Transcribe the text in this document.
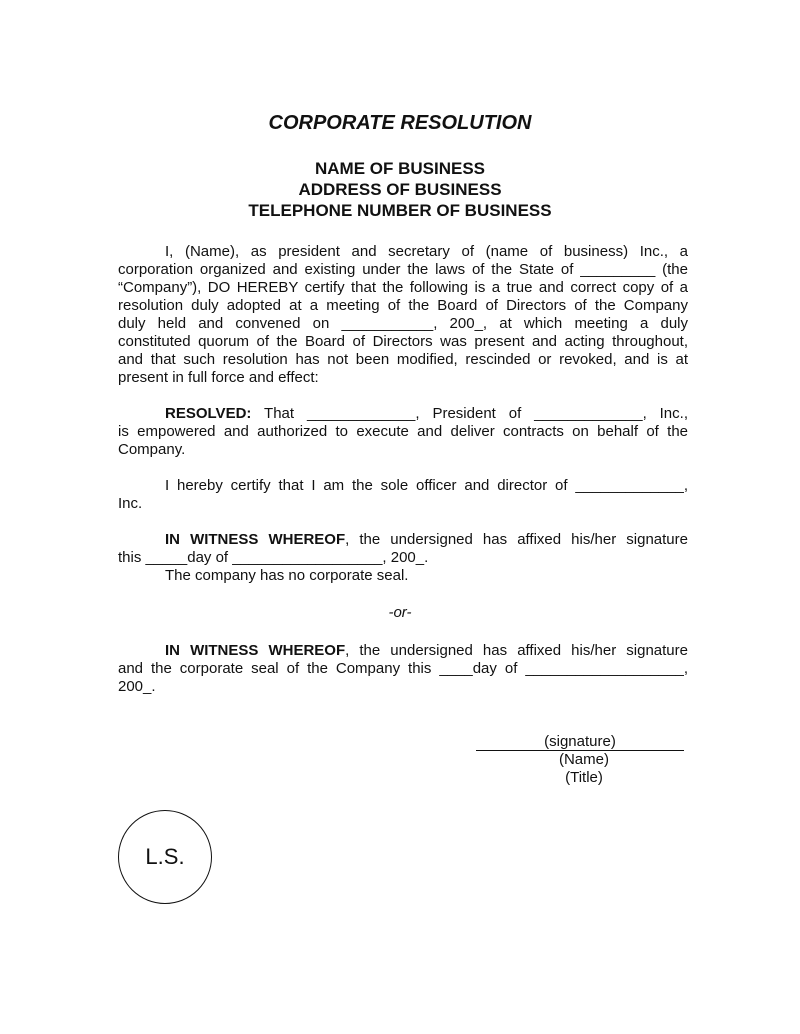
CORPORATE RESOLUTION
NAME OF BUSINESS
ADDRESS OF BUSINESS
TELEPHONE NUMBER OF BUSINESS
I, (Name), as president and secretary of (name of business) Inc., a
corporation organized and existing under the laws of the State of _________ (the
“Company”), DO HEREBY certify that the following is a true and correct copy of a
resolution duly adopted at a meeting of the Board of Directors of the Company
duly held and convened on ___________, 200_, at which meeting a duly
constituted quorum of the Board of Directors was present and acting throughout,
and that such resolution has not been modified, rescinded or revoked, and is at
present in full force and effect:
RESOLVED: That _____________, President of _____________, Inc.,
is empowered and authorized to execute and deliver contracts on behalf of the
Company.
I hereby certify that I am the sole officer and director of _____________,
Inc.
IN WITNESS WHEREOF, the undersigned has affixed his/her signature
this _____day of __________________, 200_.
The company has no corporate seal.
-or-
IN WITNESS WHEREOF, the undersigned has affixed his/her signature
and the corporate seal of the Company this ____day of ___________________,
200_.
(signature)
(Name)
(Title)
L.S.
